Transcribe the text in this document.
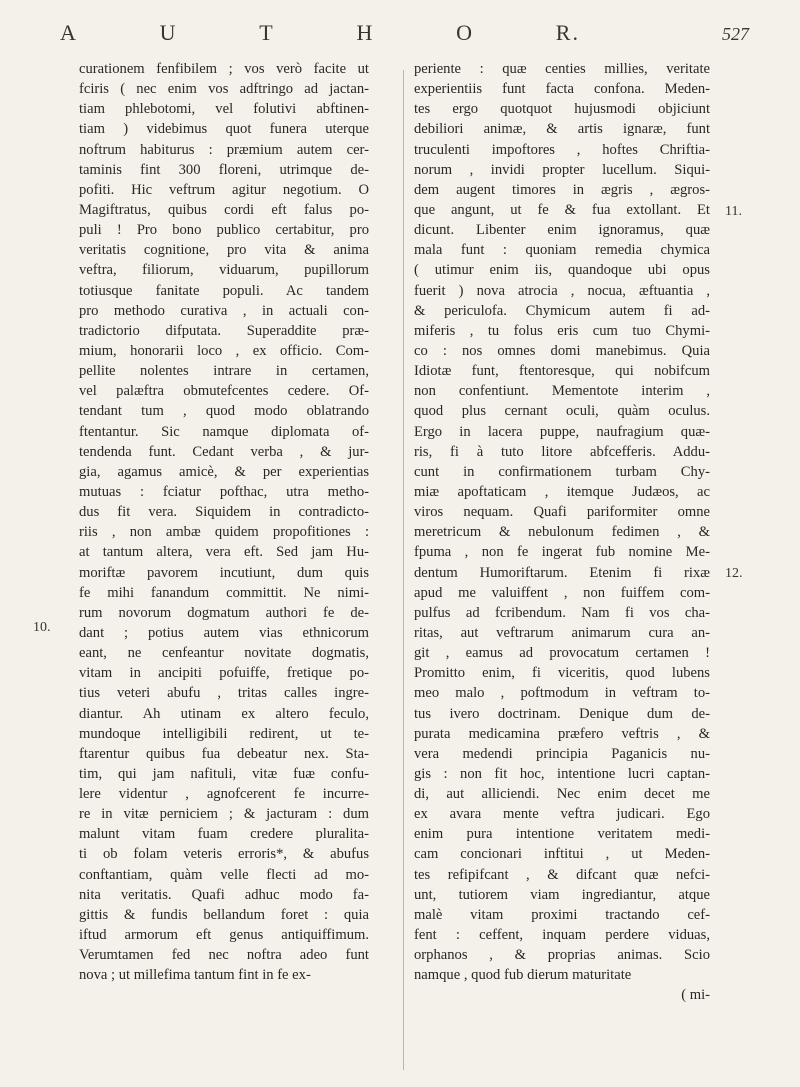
A	U	T	H	O	R.	527
10.
11.
12.
curationem fenfibilem ; vos verò facite ut
fciris ( nec enim vos adftringo ad jactan-
tiam phlebotomi, vel folutivi abftinen-
tiam ) videbimus quot funera uterque
noftrum habiturus : præmium autem cer-
taminis fint 300 floreni, utrimque de-
pofiti. Hic veftrum agitur negotium. O
Magiftratus, quibus cordi eft falus po-
puli ! Pro bono publico certabitur, pro
veritatis cognitione, pro vita & anima
veftra, filiorum, viduarum, pupillorum
totiusque fanitate populi. Ac tandem
pro methodo curativa , in actuali con-
tradictorio difputata. Superaddite præ-
mium, honorarii loco , ex officio. Com-
pellite nolentes intrare in certamen,
vel palæftra obmutefcentes cedere. Of-
tendant tum , quod modo oblatrando
ftentantur. Sic namque diplomata of-
tendenda funt. Cedant verba , & jur-
gia, agamus amicè, & per experientias
mutuas : fciatur pofthac, utra metho-
dus fit vera. Siquidem in contradicto-
riis , non ambæ quidem propofitiones :
at tantum altera, vera eft. Sed jam Hu-
moriftæ pavorem incutiunt, dum quis
fe mihi fanandum committit. Ne nimi-
rum novorum dogmatum authori fe de-
dant ; potius autem vias ethnicorum
eant, ne cenfeantur novitate dogmatis,
vitam in ancipiti pofuiffe, fretique po-
tius veteri abufu , tritas calles ingre-
diantur. Ah utinam ex altero feculo,
mundoque intelligibili redirent, ut te-
ftarentur quibus fua debeatur nex. Sta-
tim, qui jam nafituli, vitæ fuæ confu-
lere videntur , agnofcerent fe incurre-
re in vitæ perniciem ; & jacturam : dum
malunt vitam fuam credere pluralita-
ti ob folam veteris erroris*, & abufus
conftantiam, quàm velle flecti ad mo-
nita veritatis. Quafi adhuc modo fa-
gittis & fundis bellandum foret : quia
iftud armorum eft genus antiquiffimum.
Verumtamen fed nec noftra adeo funt
nova ; ut millefima tantum fint in fe ex-
periente : quæ centies millies, veritate
experientiis funt facta confona. Meden-
tes ergo quotquot hujusmodi objiciunt
debiliori animæ, & artis ignaræ, funt
truculenti impoftores , hoftes Chriftia-
norum , invidi propter lucellum. Siqui-
dem augent timores in ægris , ægros-
que angunt, ut fe & fua extollant. Et
dicunt. Libenter enim ignoramus, quæ
mala funt : quoniam remedia chymica
( utimur enim iis, quandoque ubi opus
fuerit ) nova atrocia , nocua, æftuantia ,
& periculofa. Chymicum autem fi ad-
miferis , tu folus eris cum tuo Chymi-
co : nos omnes domi manebimus. Quia
Idiotæ funt, ftentoresque, qui nobifcum
non confentiunt. Mementote interim ,
quod plus cernant oculi, quàm oculus.
Ergo in lacera puppe, naufragium quæ-
ris, fi à tuto litore abfcefferis. Addu-
cunt in confirmationem turbam Chy-
miæ apoftaticam , itemque Judæos, ac
viros nequam. Quafi pariformiter omne
meretricum & nebulonum fedimen , &
fpuma , non fe ingerat fub nomine Me-
dentum Humoriftarum. Etenim fi rixæ
apud me valuiffent , non fuiffem com-
pulfus ad fcribendum. Nam fi vos cha-
ritas, aut veftrarum animarum cura an-
git , eamus ad provocatum certamen !
Promitto enim, fi viceritis, quod lubens
meo malo , poftmodum in veftram to-
tus ivero doctrinam. Denique dum de-
purata medicamina præfero veftris , &
vera medendi principia Paganicis nu-
gis : non fit hoc, intentione lucri captan-
di, aut alliciendi. Nec enim decet me
ex avara mente veftra judicari. Ego
enim pura intentione veritatem medi-
cam concionari inftitui , ut Meden-
tes refipifcant , & difcant quæ nefci-
unt, tutiorem viam ingrediantur, atque
malè vitam proximi tractando cef-
fent : ceffent, inquam perdere viduas,
orphanos , & proprias animas. Scio
namque , quod fub dierum maturitate
( mi-
